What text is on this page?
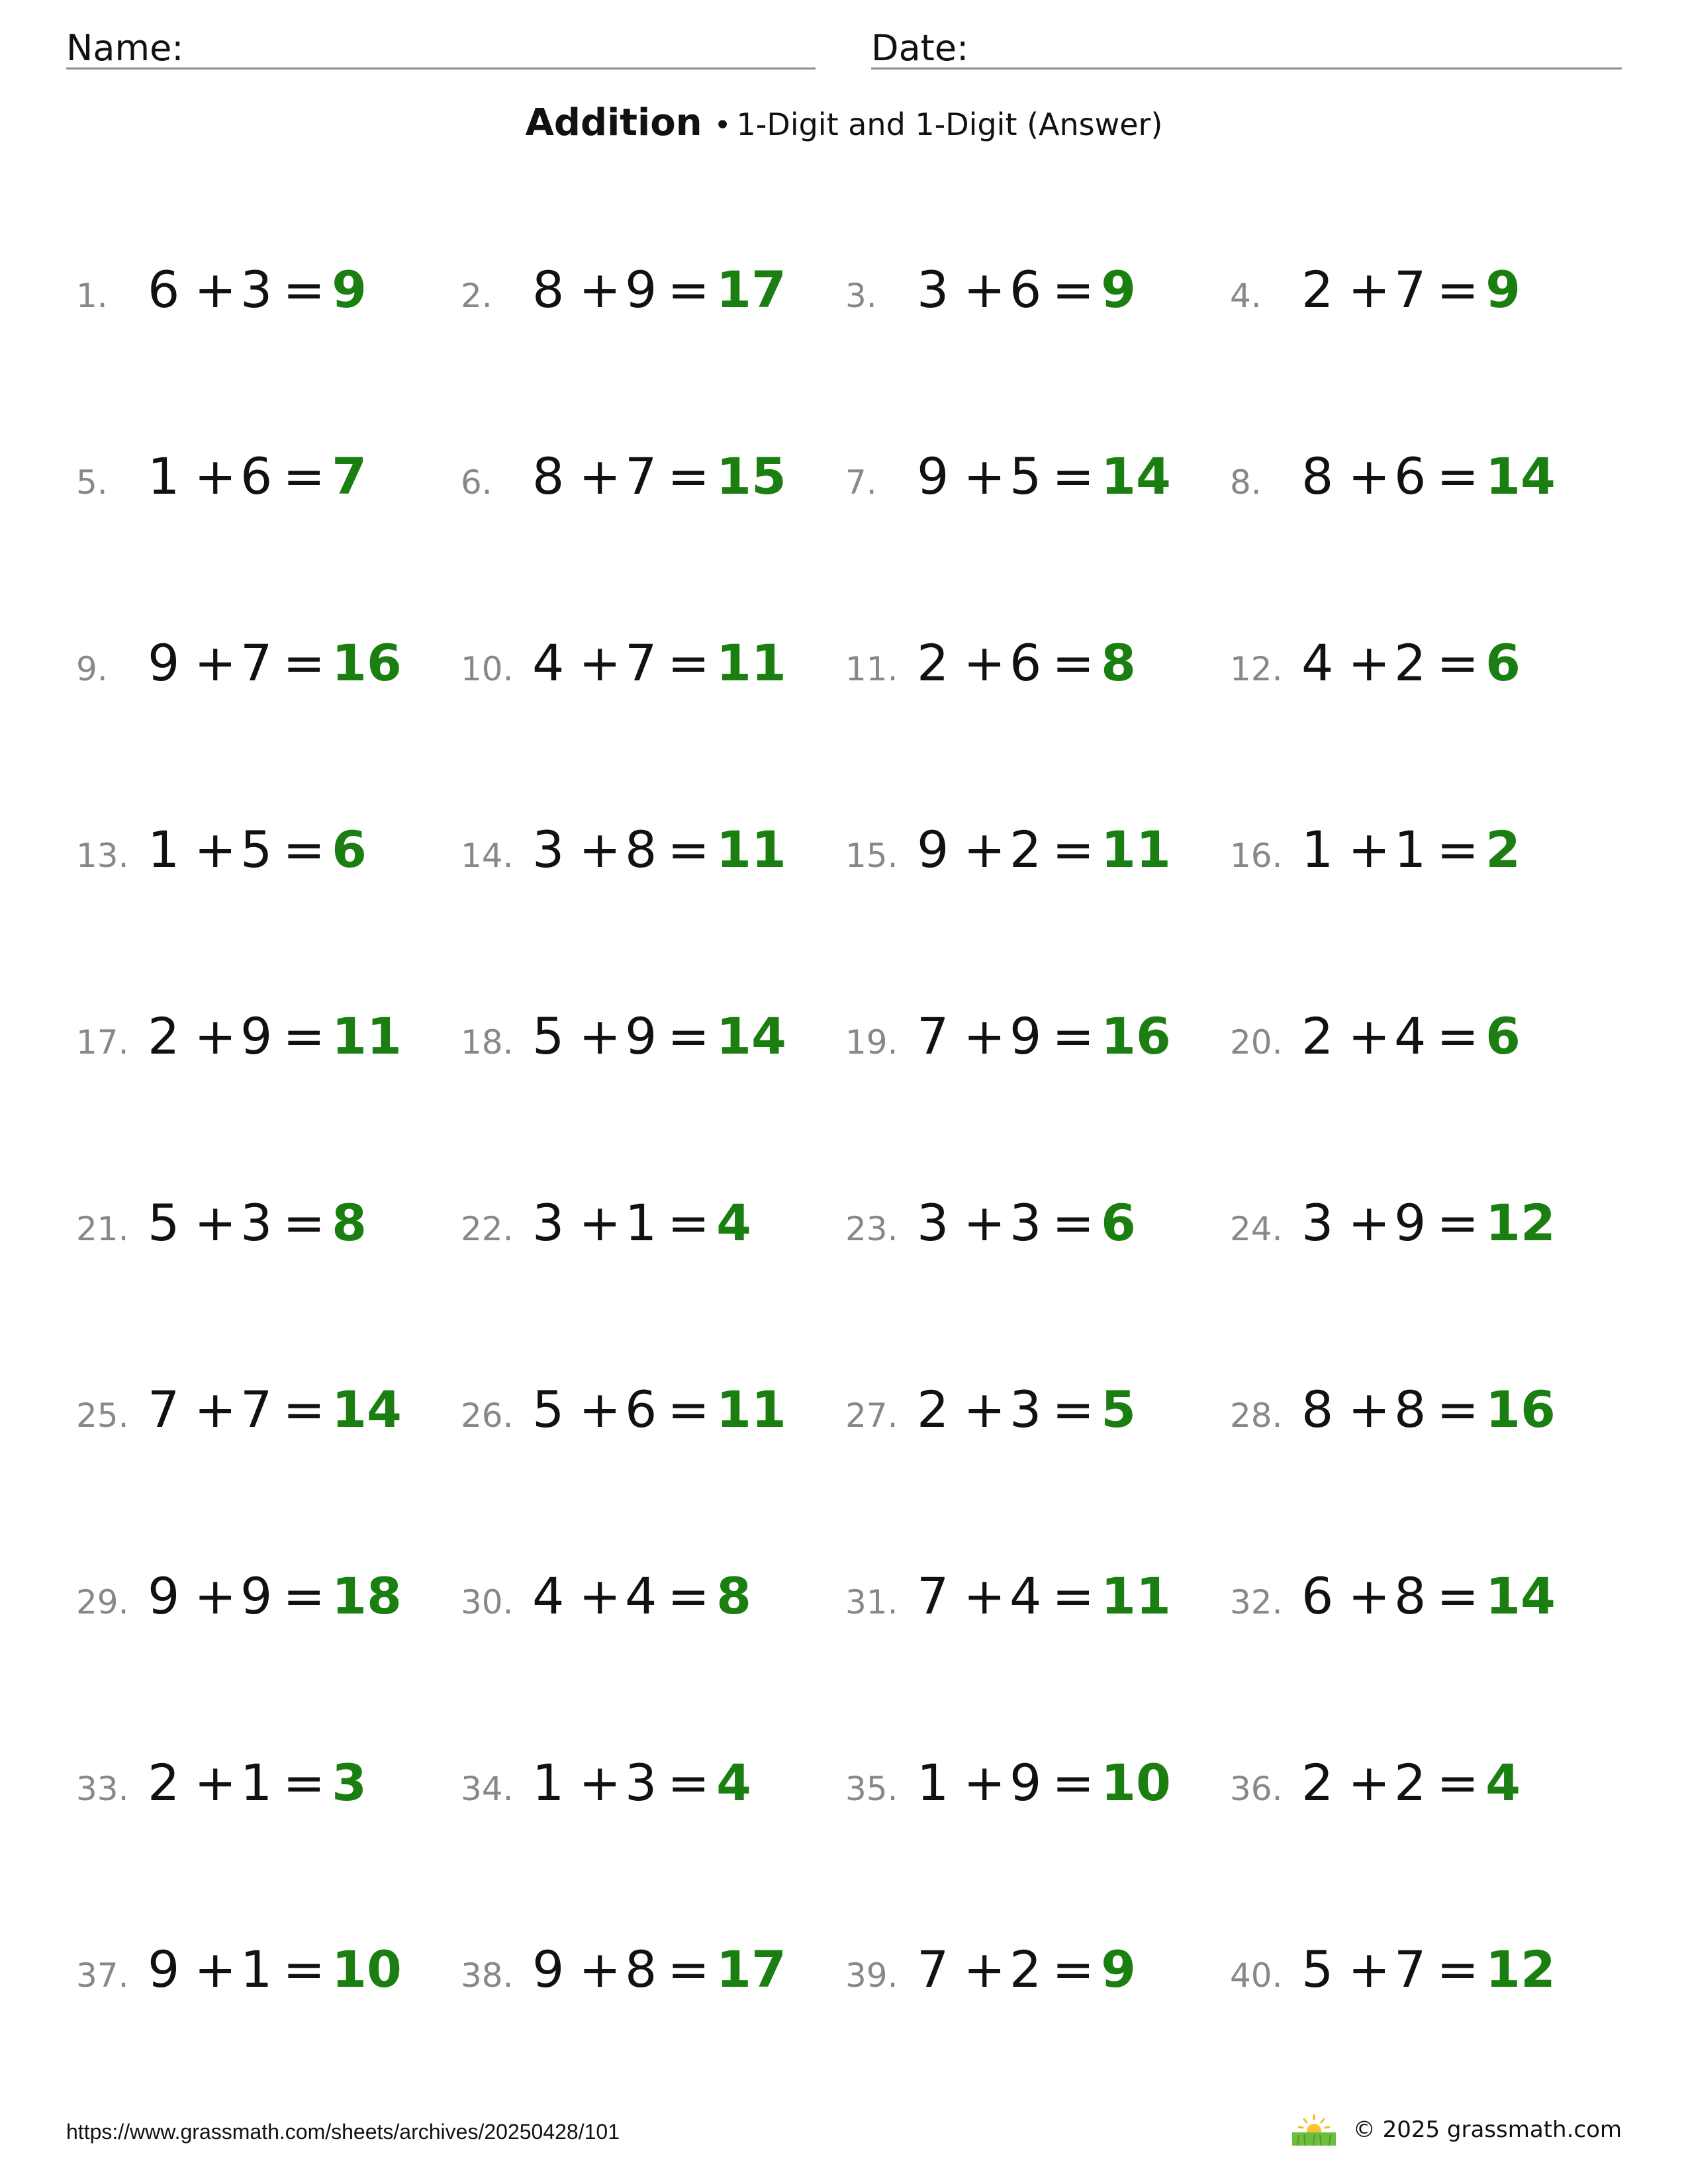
Name:	Date:
Addition • 1-Digit and 1-Digit (Answer)
1. 6 +3 = 9	2. 8 +9 = 17 3. 3 +6 = 9	4. 2 +7 = 9
5. 1 +6 = 7	6. 8 +7 = 15 7. 9 +5 = 14 8. 8 +6 = 14
9. 9 +7 = 16 10. 4 +7 = 11 11. 2 +6 = 8	12. 4 +2 = 6
13. 1 +5 = 6	14. 3 +8 = 11 15. 9 +2 = 11 16. 1 +1 = 2
17. 2 +9 = 11 18. 5 +9 = 14 19. 7 +9 = 16 20. 2 +4 = 6
21. 5 +3 = 8	22. 3 +1 = 4	23. 3 +3 = 6	24. 3 +9 = 12
25. 7 +7 = 14 26. 5 +6 = 11 27. 2 +3 = 5	28. 8 +8 = 16
29. 9 +9 = 18 30. 4 +4 = 8	31. 7 +4 = 11 32. 6 +8 = 14
33. 2 +1 = 3	34. 1 +3 = 4	35. 1 +9 = 10 36. 2 +2 = 4
37. 9 +1 = 10 38. 9 +8 = 17 39. 7 +2 = 9	40. 5 +7 = 12
https://www.grassmath.com/sheets/archives/20250428/101	© 2025 grassmath.com
